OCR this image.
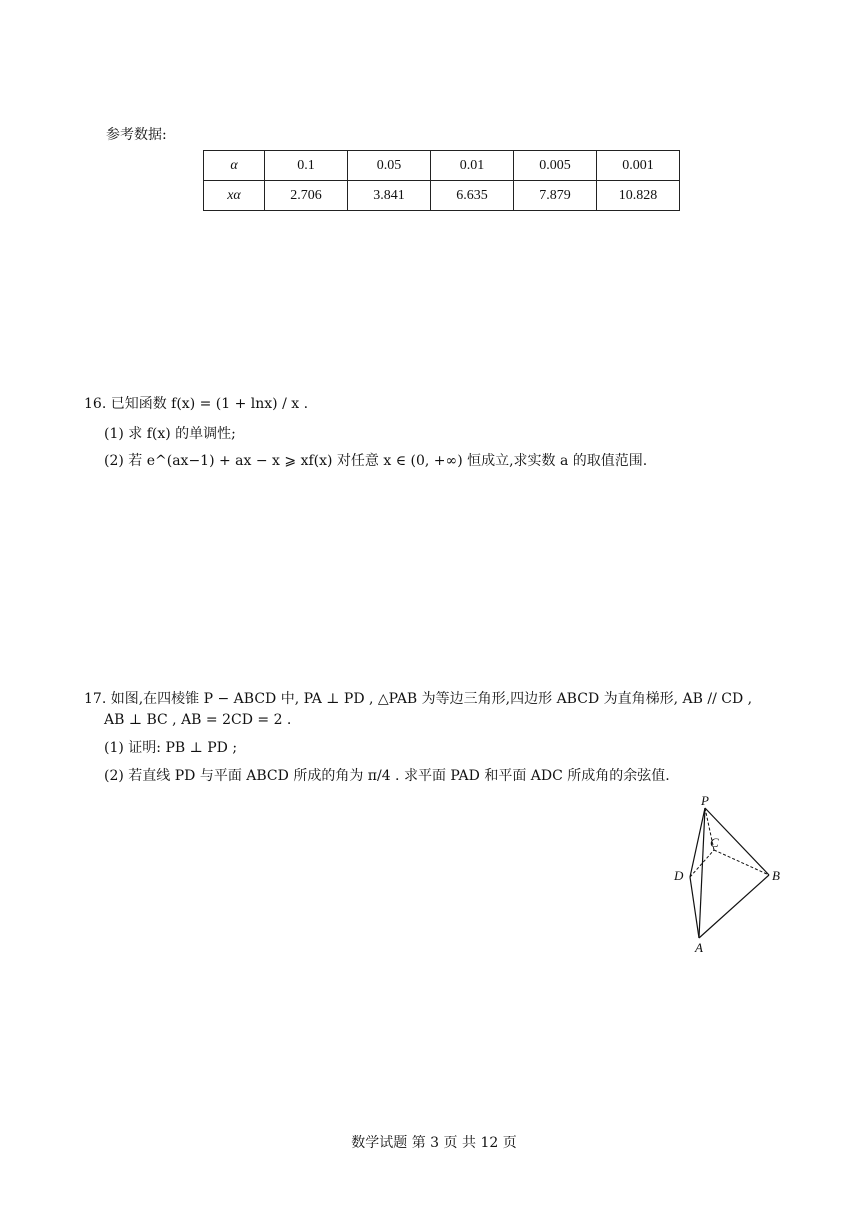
参考数据:
α	0.1	0.05	0.01	0.005	0.001
xα	2.706	3.841	6.635	7.879	10.828
16. 已知函数 f(x) = (1 + lnx) / x .
(1) 求 f(x) 的单调性;
(2) 若 e^(ax−1) + ax − x ⩾ xf(x) 对任意 x ∈ (0, +∞) 恒成立,求实数 a 的取值范围.
17. 如图,在四棱锥 P − ABCD 中, PA ⊥ PD , △PAB 为等边三角形,四边形 ABCD 为直角梯形, AB // CD ,
AB ⊥ BC , AB = 2CD = 2 .
(1) 证明: PB ⊥ PD ;
(2) 若直线 PD 与平面 ABCD 所成的角为 π/4 . 求平面 PAD 和平面 ADC 所成角的余弦值.
P
C
D	B
A
数学试题 第 3 页 共 12 页
